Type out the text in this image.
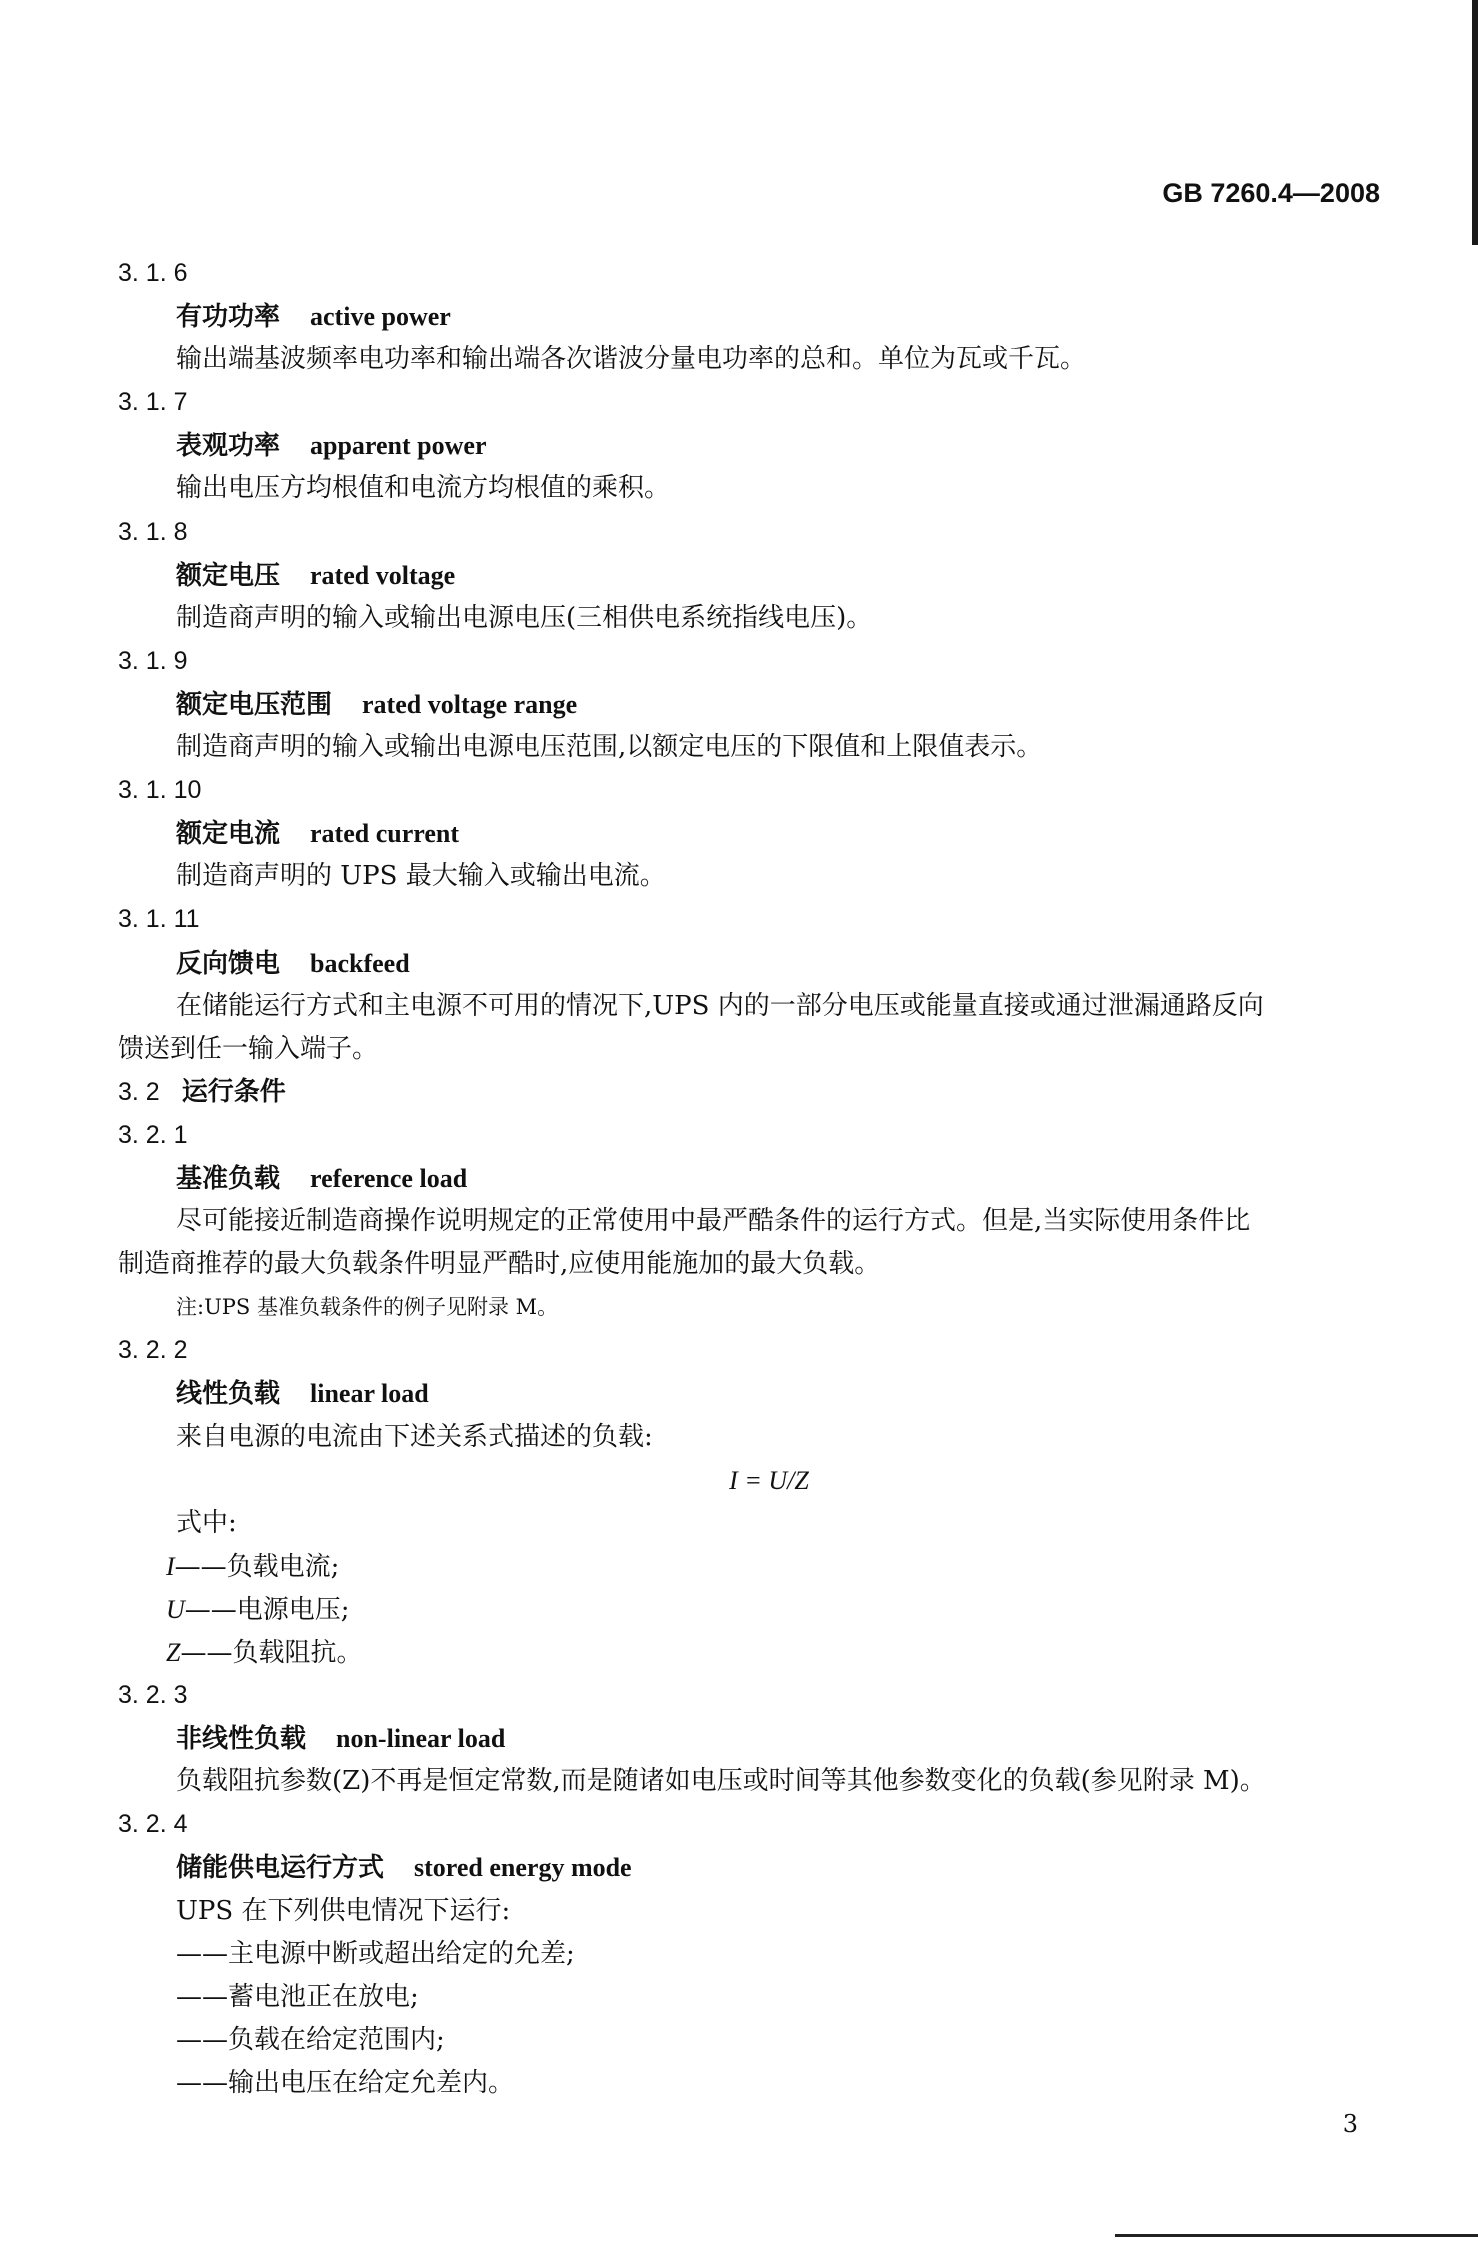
GB 7260.4—2008
3. 1. 6
有功功率 active power
输出端基波频率电功率和输出端各次谐波分量电功率的总和。单位为瓦或千瓦。
3. 1. 7
表观功率 apparent power
输出电压方均根值和电流方均根值的乘积。
3. 1. 8
额定电压 rated voltage
制造商声明的输入或输出电源电压(三相供电系统指线电压)。
3. 1. 9
额定电压范围 rated voltage range
制造商声明的输入或输出电源电压范围,以额定电压的下限值和上限值表示。
3. 1. 10
额定电流 rated current
制造商声明的 UPS 最大输入或输出电流。
3. 1. 11
反向馈电 backfeed
在储能运行方式和主电源不可用的情况下,UPS 内的一部分电压或能量直接或通过泄漏通路反向
馈送到任一输入端子。
3. 2 运行条件
3. 2. 1
基准负载 reference load
尽可能接近制造商操作说明规定的正常使用中最严酷条件的运行方式。但是,当实际使用条件比
制造商推荐的最大负载条件明显严酷时,应使用能施加的最大负载。
注:UPS 基准负载条件的例子见附录 M。
3. 2. 2
线性负载 linear load
来自电源的电流由下述关系式描述的负载:
I = U/Z
式中:
I——负载电流;
U——电源电压;
Z——负载阻抗。
3. 2. 3
非线性负载 non-linear load
负载阻抗参数(Z)不再是恒定常数,而是随诸如电压或时间等其他参数变化的负载(参见附录 M)。
3. 2. 4
储能供电运行方式 stored energy mode
UPS 在下列供电情况下运行:
——主电源中断或超出给定的允差;
——蓄电池正在放电;
——负载在给定范围内;
——输出电压在给定允差内。
3
